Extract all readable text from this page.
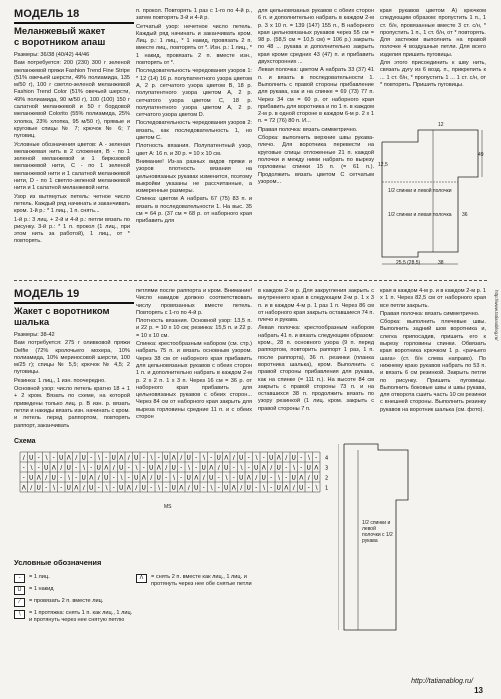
МОДЕЛЬ 18
Меланжевый жакет
с воротником апаш

Размеры: 36/38 (40/42) 44/46

Вам потребуется: 200 (230) 300 г зеленой меланжевой пряжи Fashion Trend Fine Stripe (51% овечьей шерсти, 49% полиамида, 135 м/50 г), 100 г светло-зеленой меланжевой Fashion Trend Color (51% овечьей шерсти, 49% полиамида, 90 м/50 г), 100 (100) 150 г салатной меланжевой и 50 г бордовой меланжевой Colorito (55% полиамида, 25% хлопка, 23% хлопка, 95 м/50 г), прямые и круговые спицы № 7; крючок № 6; 7 пуговиц.

Условные обозначения цветов: А - зеленая меланжевая нить в 2 сложения, В - по 1 зеленой меланжевой и 1 бирюзовой меланжевой нити, С - по 1 зеленой меланжевой нити и 1 салатной меланжевой нити, D - по 1 светло-зеленой меланжевой нити и 1 салатной меланжевой нити.

Узор из вытянутых петель: четное число петель. Каждый ряд начинать и заканчивать кром. 1-й р.: * 1 лиц., 1 п. снять...

1-й р.: 3 лиц. + 2-й и 4-й р.: петли вязать по рисунку. 3-й р.: * 1 п. прокол (1 лиц., при этом нить за работой), 1 лиц., от * повторять.

п. прокол. Повторять 1 раз с 1-го по 4-й р., затем повторять 3-й и 4-й р.

Сетчатый узор: нечетное число петель. Каждый ряд начинать и заканчивать кром. Лиц. р.: 1 лиц., * 1 накид, провязать 2 п. вместе лиц., повторять от *. Изн. р.: 1 лиц., * 1 накид, провязать 2 п. вместе изн., повторять от *.

Последовательность чередования узоров 1: * 12 (14) 16 р. полупатентного узора цветом А, 2 р. сетчатого узора цветом В, 18 р. полупатентного узора цветом А, 2 р. сетчатого узора цветом С, 18 р. полупатентного узора цветом А, 2 р. сетчатого узора цветом D.

Последовательность чередования узоров 2: вязать, как последовательность 1, но цветом С.

Плотность вязания. Полупатентный узор, цвет А: 16 п. и 30 р. = 10 х 10 см.

Внимание! Из-за разных видов пряжи и узоров плотность вязания на цельновязаных рукавах изменится, поэтому выкройки указаны не рассчитанные, а измеренные размеры.

Спинка: цветом А набрать 67 (75) 83 п. и вязать в последовательности 1. На выс. 35 см = 64 р. (37 см = 68 р. от наборного края прибавить для

для цельновязаных рукавов с обеих сторон 6 п. и дополнительно набрать в каждом 2-м р. 3 х 10 п. = 139 (147) 155 п., В наборного края цельновязаных рукавов через 55 см = 98 р. (58,5 см = 10,5 см) = 106 р.) закрыть по 48 ... рукава и дополнительно закрыть края кроме средних 43 (47) п. и прибавить двухсторонних ...

Левая полочка: цветом А набрать 33 (37) 41 п. и вязать в последовательности 1. Выполнить с правой стороны прибавление для рукава, как и на спинке = 69 (73) 77 п. Через 34 см = 60 р. от наборного края прибавить для воротника и по 1 п. в каждом 2-м р. в одной стороне в каждом 6-м р. 2 х 1 п. = 72 (76) 80 п. И...

Правая полочка: вязать симметрично.

Сборка: выполнить верхние швы рукава-плечо. Для воротника перевести на круговые спицы отложенные 21 п. каждой полочки и между ними набрать по вырезу горловины спинки 15 п. (= 61 п.). Продолжить вязать цветом С сетчатым узором...

края рукавов цветом А) крючком следующим образом: пропустить 1 п., 1 ст. б/н, провязанные вместе 3 ст. с/н, * пропустить 1 п., 1 ст. б/н, от * повторять. Для застежки выполнить на правой полочке 4 воздушные петли. Для всего изделия пришить пуговицы.

Для этого присоединить к шву нить, связать дугу из 6 возд. п., прикрепить к ... 1 ст. б/н, * пропустить 1 ... 1 ст. с/н, от * повторять. Пришить пуговицы.

1/2 спинки и левой полочки
1/2 спинки и левая полочка
12
25,5 (28,5)
36
38
12,5
49
МОДЕЛЬ 19
Жакет с воротником
шалька

Размеры: 38-42

Вам потребуется: 275 г оливковой пряжи Delfie (72% кролочьего мохера, 10% полиамида, 10% мериносовой шерсти, 100 м/25 г); спицы № 5,5; крючок № 4,5; 2 пуговицы.

Резинка: 1 лиц., 1 изн. поочередно.

Основной узор: число петель кратно 18 + 1 + 2 кром. Вязать по схеме, на которой приведены только лиц. р. В изн. р. вязать петли и накиды вязать изн. начинать с кром. и петель перед раппортом, повторять раппорт, заканчивать

петлями после раппорта и кром. Внимание! Число накидов должно соответствовать числу провязанных вместе петель. Повторять с 1-го по 4-й р.

Плотность вязания. Основной узор: 13,5 п. и 22 р. = 10 х 10 см; резинка: 15,5 п. и 22 р. = 10 х 10 см.

Спинка: крестообразным набором (см. стр.) набрать 75 п. и вязать основным узором. Через 38 см от наборного края прибавить для цельновязаных рукавов с обеих сторон 1 п. и дополнительно набрать в каждом 2-м р. 2 х 2 п. 1 х 3 п. Через 16 см = 36 р. от наборного края прибавить для цельновязаных рукавов с обеих сторон... Через 84 см от наборного края закрыть для выреза горловины средние 11 п. и с обеих сторон

в каждом 2-м р. Для закругления закрыть с внутреннего края в следующем 2-м р. 1 х 3 п. и в каждом 4-м р. 1 раз 1 п. Через 86 см от наборного края закрыть оставшиеся 74 п. плечо и рукава.

Левая полочка: крестообразным набором набрать 41 п. и вязать следующим образом: кром., 28 п. основного узора (9 п. перед раппортом, повторить раппорт 1 раз, 1 п. после раппорта), 36 п. резинки (планка воротника шалька), кром. Выполнить с правой стороны прибавления для рукава, как на спинке (= 111 п.). На высоте 84 см закрыть с правой стороны 73 п. и на оставшихся 38 п. продолжить вязать по узору резинкой (1 лиц. кром. закрыть с правой стороны 7 п.

края в каждом 4-м р. и в каждом 2-м р. 1 х 1 п. Через 82,5 см от наборного края все петли закрыть.

Правая полочка: вязать симметрично.

Сборка: выполнить плечевые швы. Выполнить задний шов воротника и, слегка припосадив, пришить его к вырезу горловины спинки. Обвязать края воротника крючком 1 р. «рачьего шага» (ст. б/н слева направо). По нижнему краю рукавов набрать по 53 п. и вязать 6 см резинкой. Закрыть петли по рисунку. Пришить пуговицы. Выполнить боковые швы и швы рукава, для отворота сшить часть 10 см резинки с внешней стороны. Выполнить резинку рукавов на воротник шалька (см. фото).

Схема
∕ U - ∖ - U Λ ∕ U - ∖ - U Λ ∕ U - ∖ - U Λ ∕ U - ∖ - U Λ ∕ U - ∖ - U Λ ∕ U - ∖ -
- ∖ - U Λ ∕ U - ∖ - U Λ ∕ U - ∖ - U Λ ∕ U - ∖ - U Λ ∕ U - ∖ - U Λ ∕ U - ∖ - U Λ
- U Λ ∕ U - ∖ - U Λ ∕ U - ∖ - U Λ ∕ U - ∖ - U Λ ∕ U - ∖ - U Λ ∕ U - ∖ - U Λ ∕ U
Λ ∕ U - ∖ - U Λ ∕ U - ∖ - U Λ ∕ U - ∖ - U Λ ∕ U - ∖ - U Λ ∕ U - ∖ - U Λ ∕ U - ∖
4
3
2
1
MS
Условные обозначения
-	= 1 лиц.
U	= 1 накид
∕	= провязать 2 п. вместе лиц.
∖	= 1 протяжка: снять 1 п. как лиц., 1 лиц. и протянуть через нее снятую петлю
Λ	= снять 2 п. вместе как лиц., 1 лиц. и протянуть через нее обе снятые петли
1/2 спинки и левой полочки с 1/2 рукава
http://tatianablog.ru/
13
http://www.tatianablog.ru/
